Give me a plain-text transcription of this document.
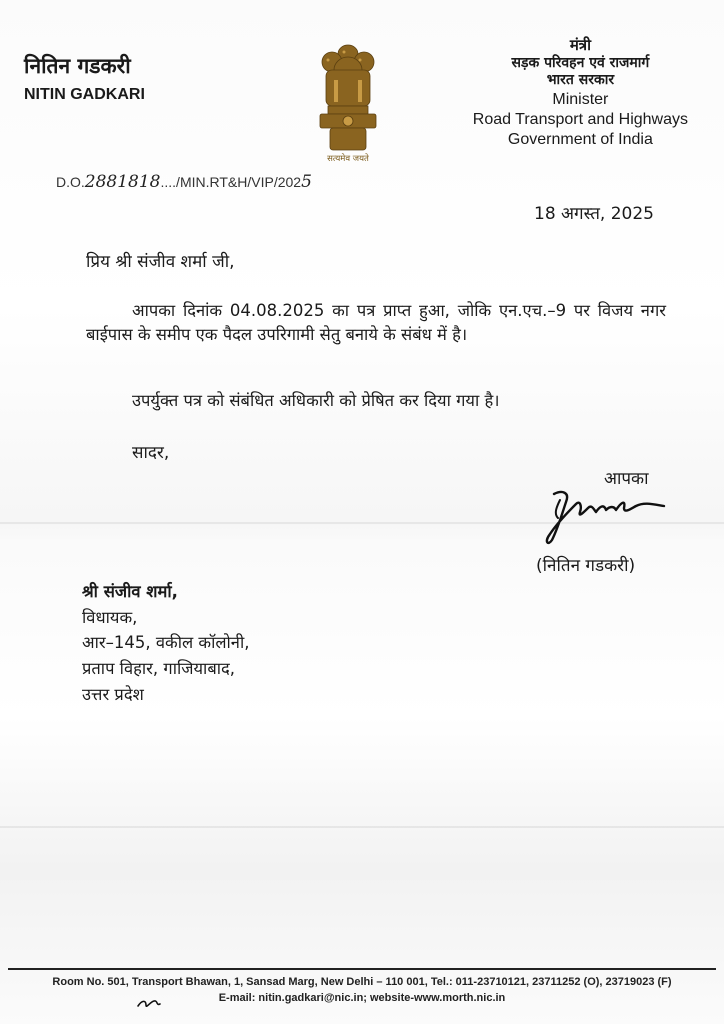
नितिन गडकरी
NITIN GADKARI
सत्यमेव जयते
मंत्री
सड़क परिवहन एवं राजमार्ग
भारत सरकार
Minister
Road Transport and Highways
Government of India
D.O.2881818..../MIN.RT&H/VIP/2025
18 अगस्त, 2025
प्रिय श्री संजीव शर्मा जी,
आपका दिनांक 04.08.2025 का पत्र प्राप्त हुआ, जोकि एन.एच.–9 पर विजय नगर बाईपास के समीप एक पैदल उपरिगामी सेतु बनाये के संबंध में है।
उपर्युक्त पत्र को संबंधित अधिकारी को प्रेषित कर दिया गया है।
सादर,
आपका
(नितिन गडकरी)
श्री संजीव शर्मा,
विधायक,
आर–145, वकील कॉलोनी,
प्रताप विहार, गाजियाबाद,
उत्तर प्रदेश
Room No. 501, Transport Bhawan, 1, Sansad Marg, New Delhi – 110 001, Tel.: 011-23710121, 23711252 (O), 23719023 (F)
E-mail: nitin.gadkari@nic.in; website-www.morth.nic.in
